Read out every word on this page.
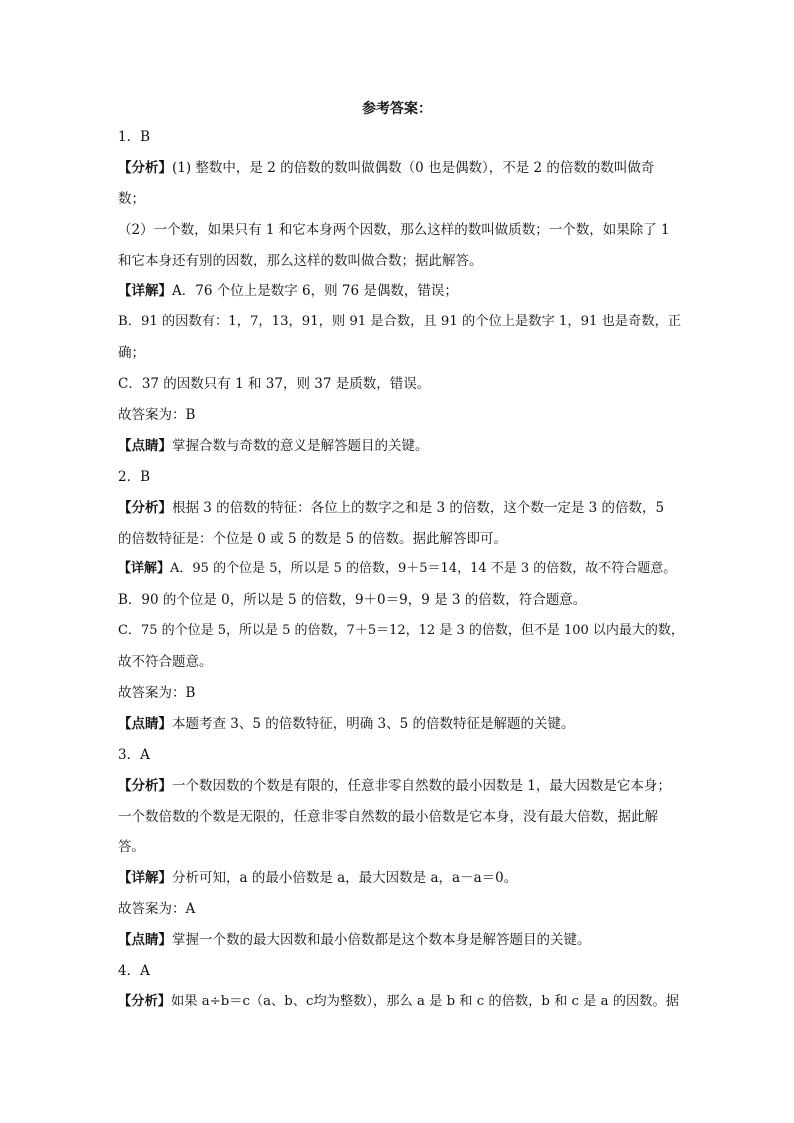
参考答案：
1．B
【分析】(1) 整数中，是 2 的倍数的数叫做偶数（0 也是偶数），不是 2 的倍数的数叫做奇
数；
（2）一个数，如果只有 1 和它本身两个因数，那么这样的数叫做质数；一个数，如果除了 1
和它本身还有别的因数，那么这样的数叫做合数；据此解答。
【详解】A．76 个位上是数字 6，则 76 是偶数，错误；
B．91 的因数有：1，7，13，91，则 91 是合数，且 91 的个位上是数字 1，91 也是奇数，正
确；
C．37 的因数只有 1 和 37，则 37 是质数，错误。
故答案为：B
【点睛】掌握合数与奇数的意义是解答题目的关键。
2．B
【分析】根据 3 的倍数的特征：各位上的数字之和是 3 的倍数，这个数一定是 3 的倍数，5
的倍数特征是：个位是 0 或 5 的数是 5 的倍数。据此解答即可。
【详解】A．95 的个位是 5，所以是 5 的倍数，9＋5＝14，14 不是 3 的倍数，故不符合题意。
B．90 的个位是 0，所以是 5 的倍数，9＋0＝9，9 是 3 的倍数，符合题意。
C．75 的个位是 5，所以是 5 的倍数，7＋5＝12，12 是 3 的倍数，但不是 100 以内最大的数，
故不符合题意。
故答案为：B
【点睛】本题考查 3、5 的倍数特征，明确 3、5 的倍数特征是解题的关键。
3．A
【分析】一个数因数的个数是有限的，任意非零自然数的最小因数是 1，最大因数是它本身；
一个数倍数的个数是无限的，任意非零自然数的最小倍数是它本身，没有最大倍数，据此解
答。
【详解】分析可知，a 的最小倍数是 a，最大因数是 a，a－a＝0。
故答案为：A
【点睛】掌握一个数的最大因数和最小倍数都是这个数本身是解答题目的关键。
4．A
【分析】如果 a÷b＝c（a、b、c均为整数），那么 a 是 b 和 c 的倍数，b 和 c 是 a 的因数。据
